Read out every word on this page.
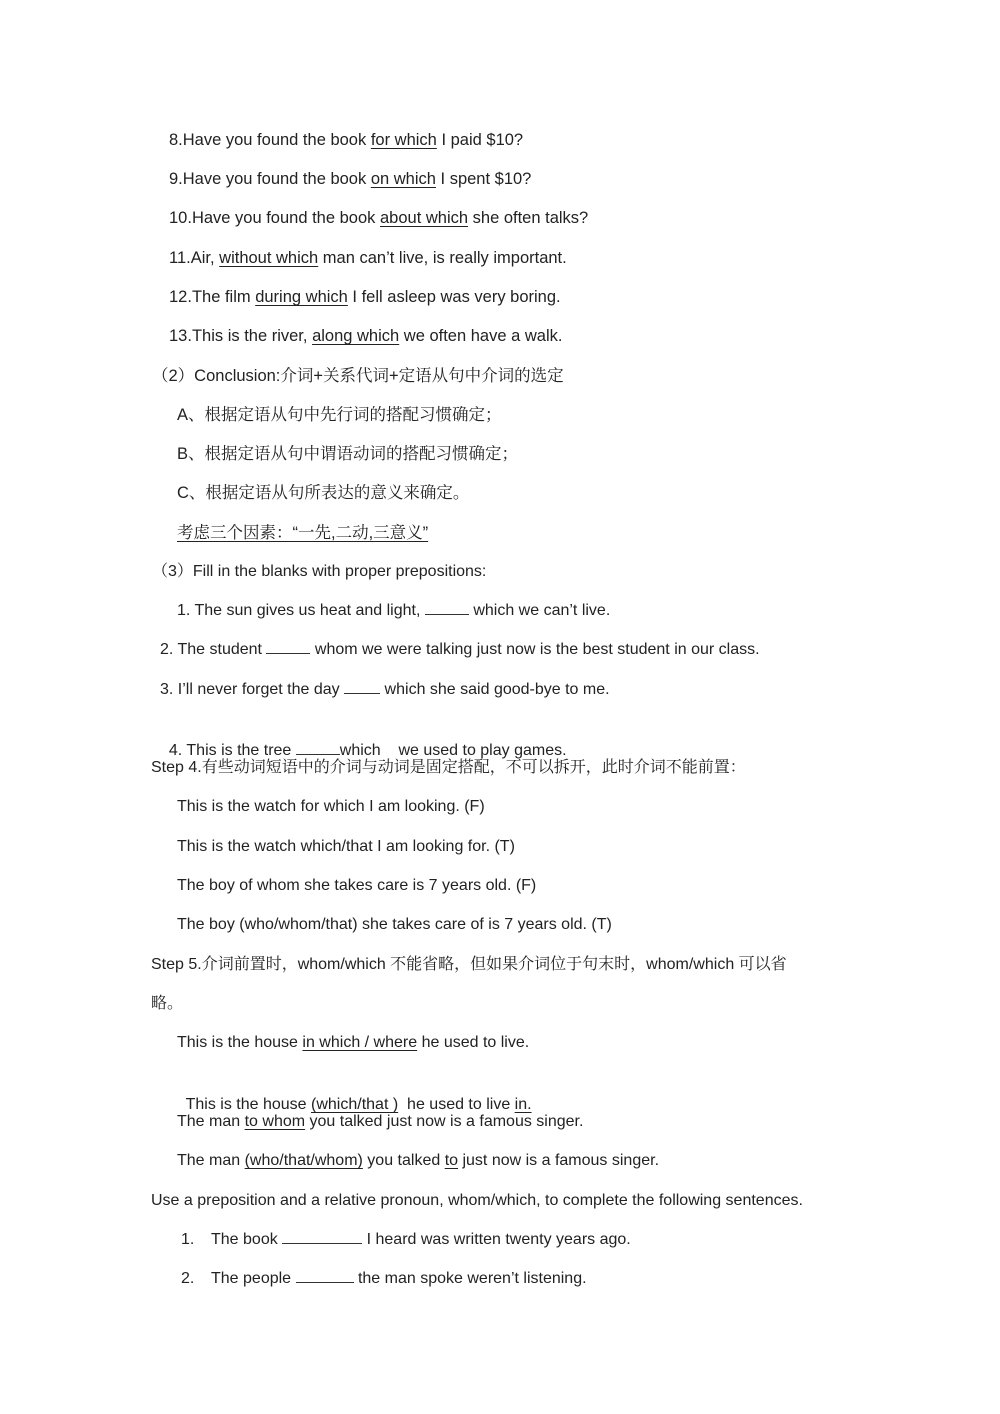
8.Have you found the book for which I paid $10?
9.Have you found the book on which I spent $10?
10.Have you found the book about which she often talks?
11.Air, without which man can’t live, is really important.
12.The film during which I fell asleep was very boring.
13.This is the river, along which we often have a walk.
（2）Conclusion:介词+关系代词+定语从句中介词的选定
A、根据定语从句中先行词的搭配习惯确定；
B、根据定语从句中谓语动词的搭配习惯确定；
C、根据定语从句所表达的意义来确定。
考虑三个因素：“一先,二动,三意义”
（3）Fill in the blanks with proper prepositions:
1. The sun gives us heat and light,	which we can’t live.
2. The student	whom we were talking just now is the best student in our class.
3. I’ll never forget the day  which she said good-bye to me.

4. This is the tree	which    we used to play games.

Step 4.有些动词短语中的介词与动词是固定搭配，不可以拆开，此时介词不能前置：
This is the watch for which I am looking. (F)
This is the watch which/that I am looking for. (T)
The boy of whom she takes care is 7 years old. (F)
The boy (who/whom/that) she takes care of is 7 years old. (T)
Step 5.介词前置时，whom/which 不能省略，但如果介词位于句末时，whom/which 可以省
略。
This is the house in which / where he used to live.

This is the house (which/that )  he used to live in.

The man to whom you talked just now is a famous singer.
The man (who/that/whom) you talked to just now is a famous singer.
Use a preposition and a relative pronoun, whom/which, to complete the following sentences.
1. The book	I heard was written twenty years ago.
2. The people	the man spoke weren’t listening.
